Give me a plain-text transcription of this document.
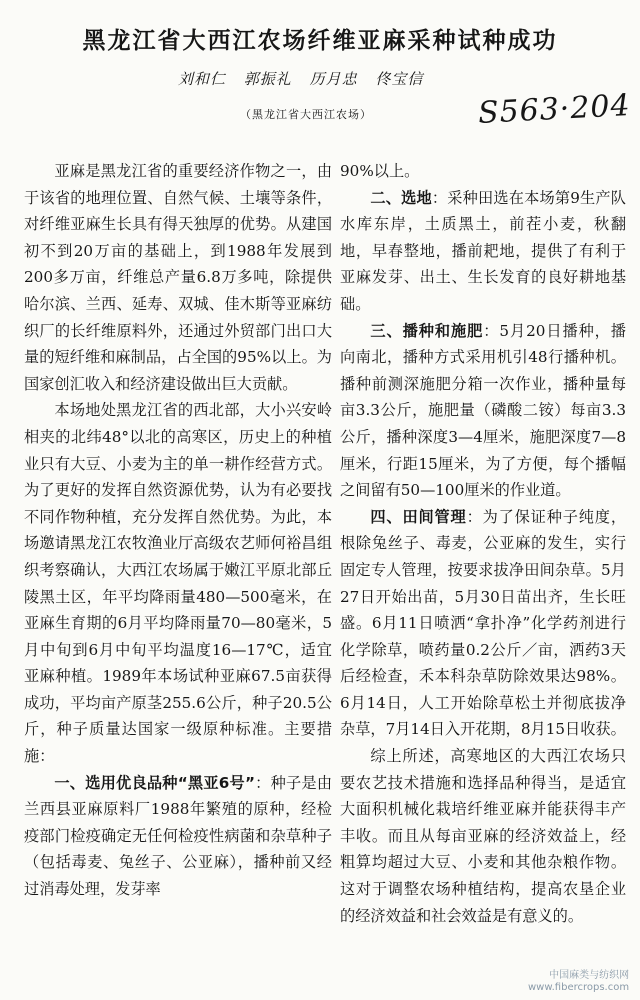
黑龙江省大西江农场纤维亚麻采种试种成功
刘和仁 郭振礼 历月忠 佟宝信
（黑龙江省大西江农场）	S563·204

亚麻是黑龙江省的重要经济作物之一，由于该省的地理位置、自然气候、土壤等条件，对纤维亚麻生长具有得天独厚的优势。从建国初不到20万亩的基础上，到1988年发展到200多万亩，纤维总产量6.8万多吨，除提供哈尔滨、兰西、延寿、双城、佳木斯等亚麻纺织厂的长纤维原料外，还通过外贸部门出口大量的短纤维和麻制品，占全国的95%以上。为国家创汇收入和经济建设做出巨大贡献。

本场地处黑龙江省的西北部，大小兴安岭相夹的北纬48°以北的高寒区，历史上的种植业只有大豆、小麦为主的单一耕作经营方式。为了更好的发挥自然资源优势，认为有必要找不同作物种植，充分发挥自然优势。为此，本场邀请黑龙江农牧渔业厅高级农艺师何裕昌组织考察确认，大西江农场属于嫩江平原北部丘陵黑土区，年平均降雨量480—500毫米，在亚麻生育期的6月平均降雨量70—80毫米，5月中旬到6月中旬平均温度16—17℃，适宜亚麻种植。1989年本场试种亚麻67.5亩获得成功，平均亩产原茎255.6公斤，种子20.5公斤，种子质量达国家一级原种标准。主要措施：

一、选用优良品种“黑亚6号”：种子是由兰西县亚麻原料厂1988年繁殖的原种，经检疫部门检疫确定无任何检疫性病菌和杂草种子（包括毒麦、兔丝子、公亚麻），播种前又经过消毒处理，发芽率

90%以上。

二、选地：采种田选在本场第9生产队水库东岸，土质黑土，前茬小麦，秋翻地，早春整地，播前耙地，提供了有利于亚麻发芽、出土、生长发育的良好耕地基础。

三、播种和施肥：5月20日播种，播向南北，播种方式采用机引48行播种机。播种前测深施肥分箱一次作业，播种量每亩3.3公斤，施肥量（磷酸二铵）每亩3.3公斤，播种深度3—4厘米，施肥深度7—8厘米，行距15厘米，为了方便，每个播幅之间留有50—100厘米的作业道。

四、田间管理：为了保证种子纯度，根除兔丝子、毒麦，公亚麻的发生，实行固定专人管理，按要求拔净田间杂草。5月27日开始出苗，5月30日苗出齐，生长旺盛。6月11日喷洒“拿扑净”化学药剂进行化学除草，喷药量0.2公斤／亩，洒药3天后经检查，禾本科杂草防除效果达98%。6月14日，人工开始除草松土并彻底拔净杂草，7月14日入开花期，8月15日收获。

综上所述，高寒地区的大西江农场只要农艺技术措施和选择品种得当，是适宜大面积机械化栽培纤维亚麻并能获得丰产丰收。而且从每亩亚麻的经济效益上，经粗算均超过大豆、小麦和其他杂粮作物。这对于调整农场种植结构，提高农垦企业的经济效益和社会效益是有意义的。

中国麻类与纺织网
www.fibercrops.com
